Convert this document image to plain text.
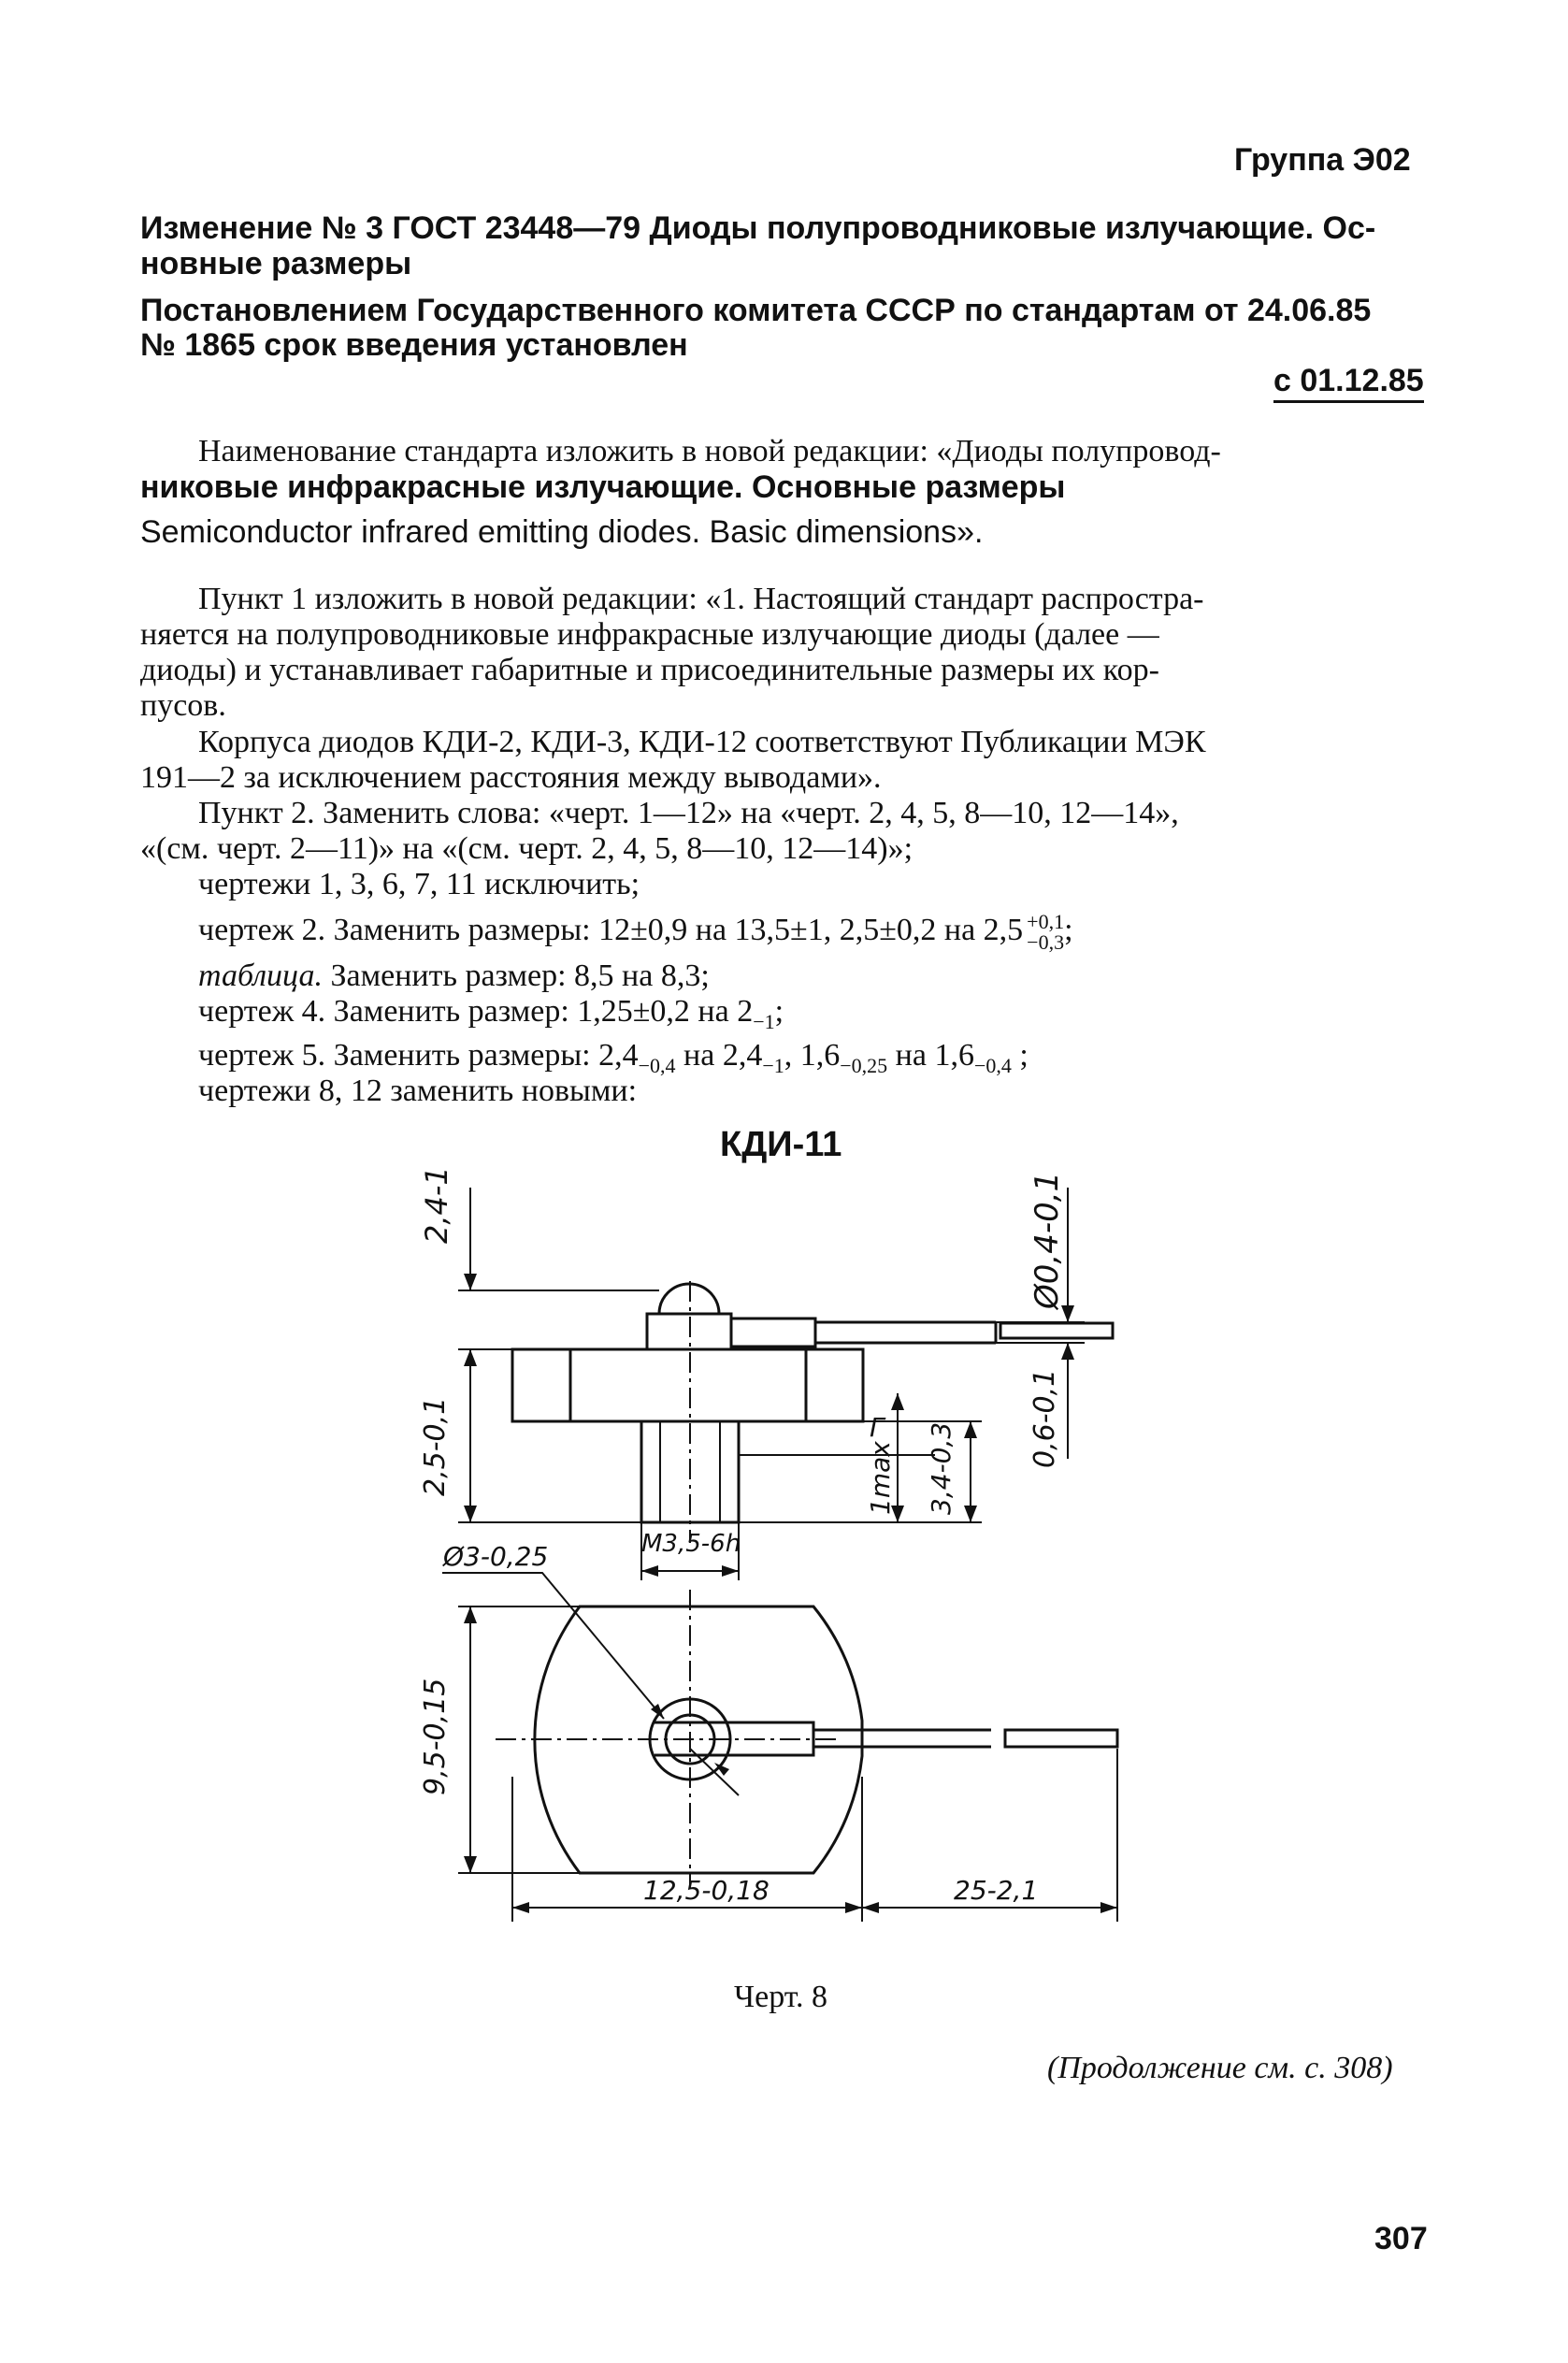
Группа Э02
Изменение № 3 ГОСТ 23448—79 Диоды полупроводниковые излучающие. Ос-
новные размеры
Постановлением Государственного комитета СССР по стандартам от 24.06.85
№ 1865 срок введения установлен
с 01.12.85
Наименование стандарта изложить в новой редакции: «Диоды полупровод-
никовые инфракрасные излучающие. Основные размеры
Semiconductor infrared emitting diodes. Basic dimensions».
Пункт 1 изложить в новой редакции: «1. Настоящий стандарт распростра-
няется на полупроводниковые инфракрасные излучающие диоды (далее —
диоды) и устанавливает габаритные и присоединительные размеры их кор-
пусов.
Корпуса диодов КДИ-2, КДИ-3, КДИ-12 соответствуют Публикации МЭК
191—2 за исключением расстояния между выводами».
Пункт 2. Заменить слова: «черт. 1—12» на «черт. 2, 4, 5, 8—10, 12—14»,
«(см. черт. 2—11)» на «(см. черт. 2, 4, 5, 8—10, 12—14)»;
чертежи 1, 3, 6, 7, 11 исключить;
чертеж 2. Заменить размеры: 12±0,9 на 13,5±1, 2,5±0,2 на 2,5 +0,1
−0,3 ;
таблица. Заменить размер: 8,5 на 8,3;
чертеж 4. Заменить размер: 1,25±0,2 на $2_{-1}$;
чертеж 5. Заменить размеры: $2,4_{-0,4}$ на $2,4_{-1}$, $1,6_{-0,25}$ на $1,6_{-0,4}$ ;
чертежи 8, 12 заменить новыми:
КДИ-11
2,4-1	Ø0,4-0,1
0,6-0,1
2,5-0,1	1max
Г 3,4-0,3
М3,5-6h
Ø3-0,25
9,5-0,15
12,5-0,18	25-2,1
Черт. 8
(Продолжение см. с. 308)
307
